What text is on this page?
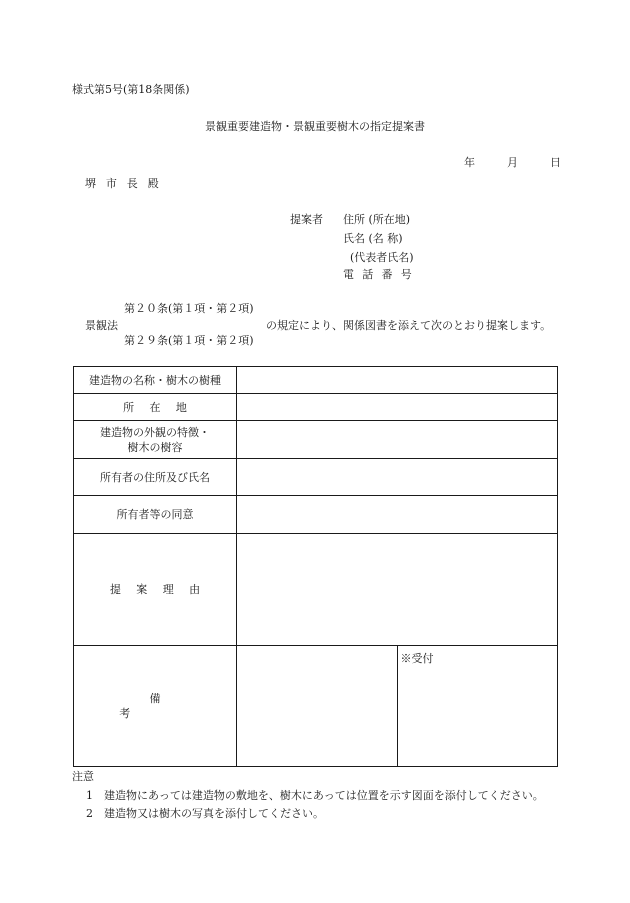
様式第5号(第18条関係)
景観重要建造物・景観重要樹木の指定提案書
年	月	日
堺市長殿
提案者 住所 (所在地)
氏名 (名 称)
(代表者氏名)
電話番号
第２０条(第１項・第２項)
景観法
第２９条(第１項・第２項)
の規定により、関係図書を添えて次のとおり提案します。
建造物の名称・樹木の樹種		
所在地		

建造物の外観の特徴・
樹木の樹容		

所有者の住所及び氏名		
所有者等の同意		
提案理由		
備考		※受付
注意
1　建造物にあっては建造物の敷地を、樹木にあっては位置を示す図面を添付してください。
2　建造物又は樹木の写真を添付してください。
